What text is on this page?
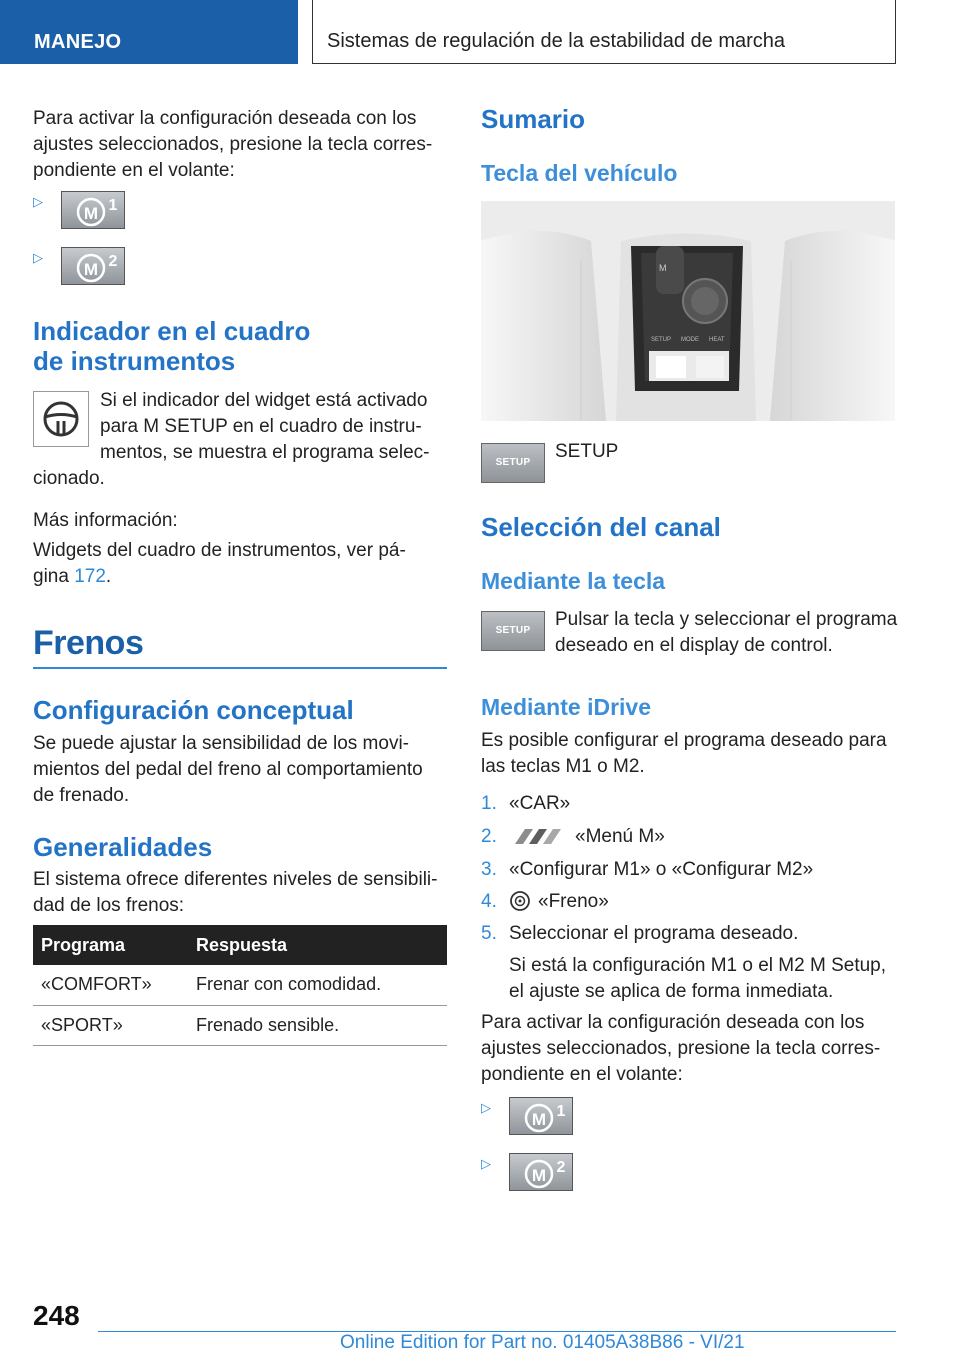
MANEJO	Sistemas de regulación de la estabilidad de marcha
Para activar la configuración deseada con los
ajustes seleccionados, presione la tecla corres-
pondiente en el volante:
▷
M 1
▷
M 2
Indicador en el cuadro
de instrumentos
Si el indicador del widget está activado
para M SETUP en el cuadro de instru-
mentos, se muestra el programa selec-
cionado.
Más información:
Widgets del cuadro de instrumentos, ver pá-
gina 172.
Frenos
Configuración conceptual
Se puede ajustar la sensibilidad de los movi-
mientos del pedal del freno al comportamiento
de frenado.
Generalidades
El sistema ofrece diferentes niveles de sensibili-
dad de los frenos:
Programa	Respuesta
«COMFORT»	Frenar con comodidad.
«SPORT»	Frenado sensible.
Sumario
Tecla del vehículo
M
SETUP MODE HEAT
SETUP
SETUP
Selección del canal
Mediante la tecla
SETUP
Pulsar la tecla y seleccionar el programa
deseado en el display de control.
Mediante iDrive
Es posible configurar el programa deseado para
las teclas M1 o M2.
1. «CAR»
2.	«Menú M»
3. «Configurar M1» o «Configurar M2»
4. «Freno»
5. Seleccionar el programa deseado.
Si está la configuración M1 o el M2 M Setup,
el ajuste se aplica de forma inmediata.
Para activar la configuración deseada con los
ajustes seleccionados, presione la tecla corres-
pondiente en el volante:
▷
M 1
▷
M 2
248
Online Edition for Part no. 01405A38B86 - VI/21
